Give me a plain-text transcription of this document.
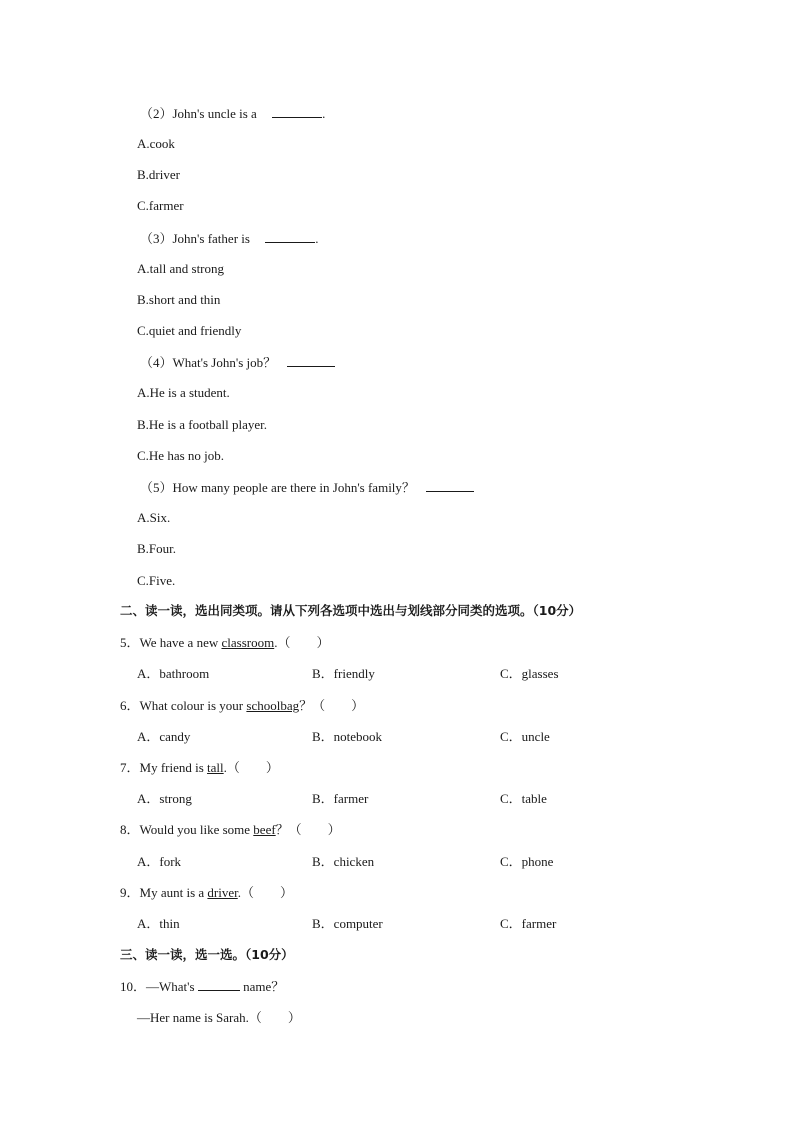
（2）John's uncle is a	.
A.cook
B.driver
C.farmer
（3）John's father is	.
A.tall and strong
B.short and thin
C.quiet and friendly
（4）What's John's job？
A.He is a student.
B.He is a football player.
C.He has no job.
（5）How many people are there in John's family？
A.Six.
B.Four.
C.Five.
二、读一读，选出同类项。请从下列各选项中选出与划线部分同类的选项。（10分）
5．We have a new classroom.（　　）
A．bathroom	B．friendly	C．glasses
6．What colour is your schoolbag？（　　）
A．candy	B．notebook	C．uncle
7．My friend is tall.（　　）
A．strong	B．farmer	C．table
8．Would you like some beef？（　　）
A．fork	B．chicken	C．phone
9．My aunt is a driver.（　　）
A．thin	B．computer	C．farmer
三、读一读，选一选。（10分）
10．—What's	name？
—Her name is Sarah.（　　）
